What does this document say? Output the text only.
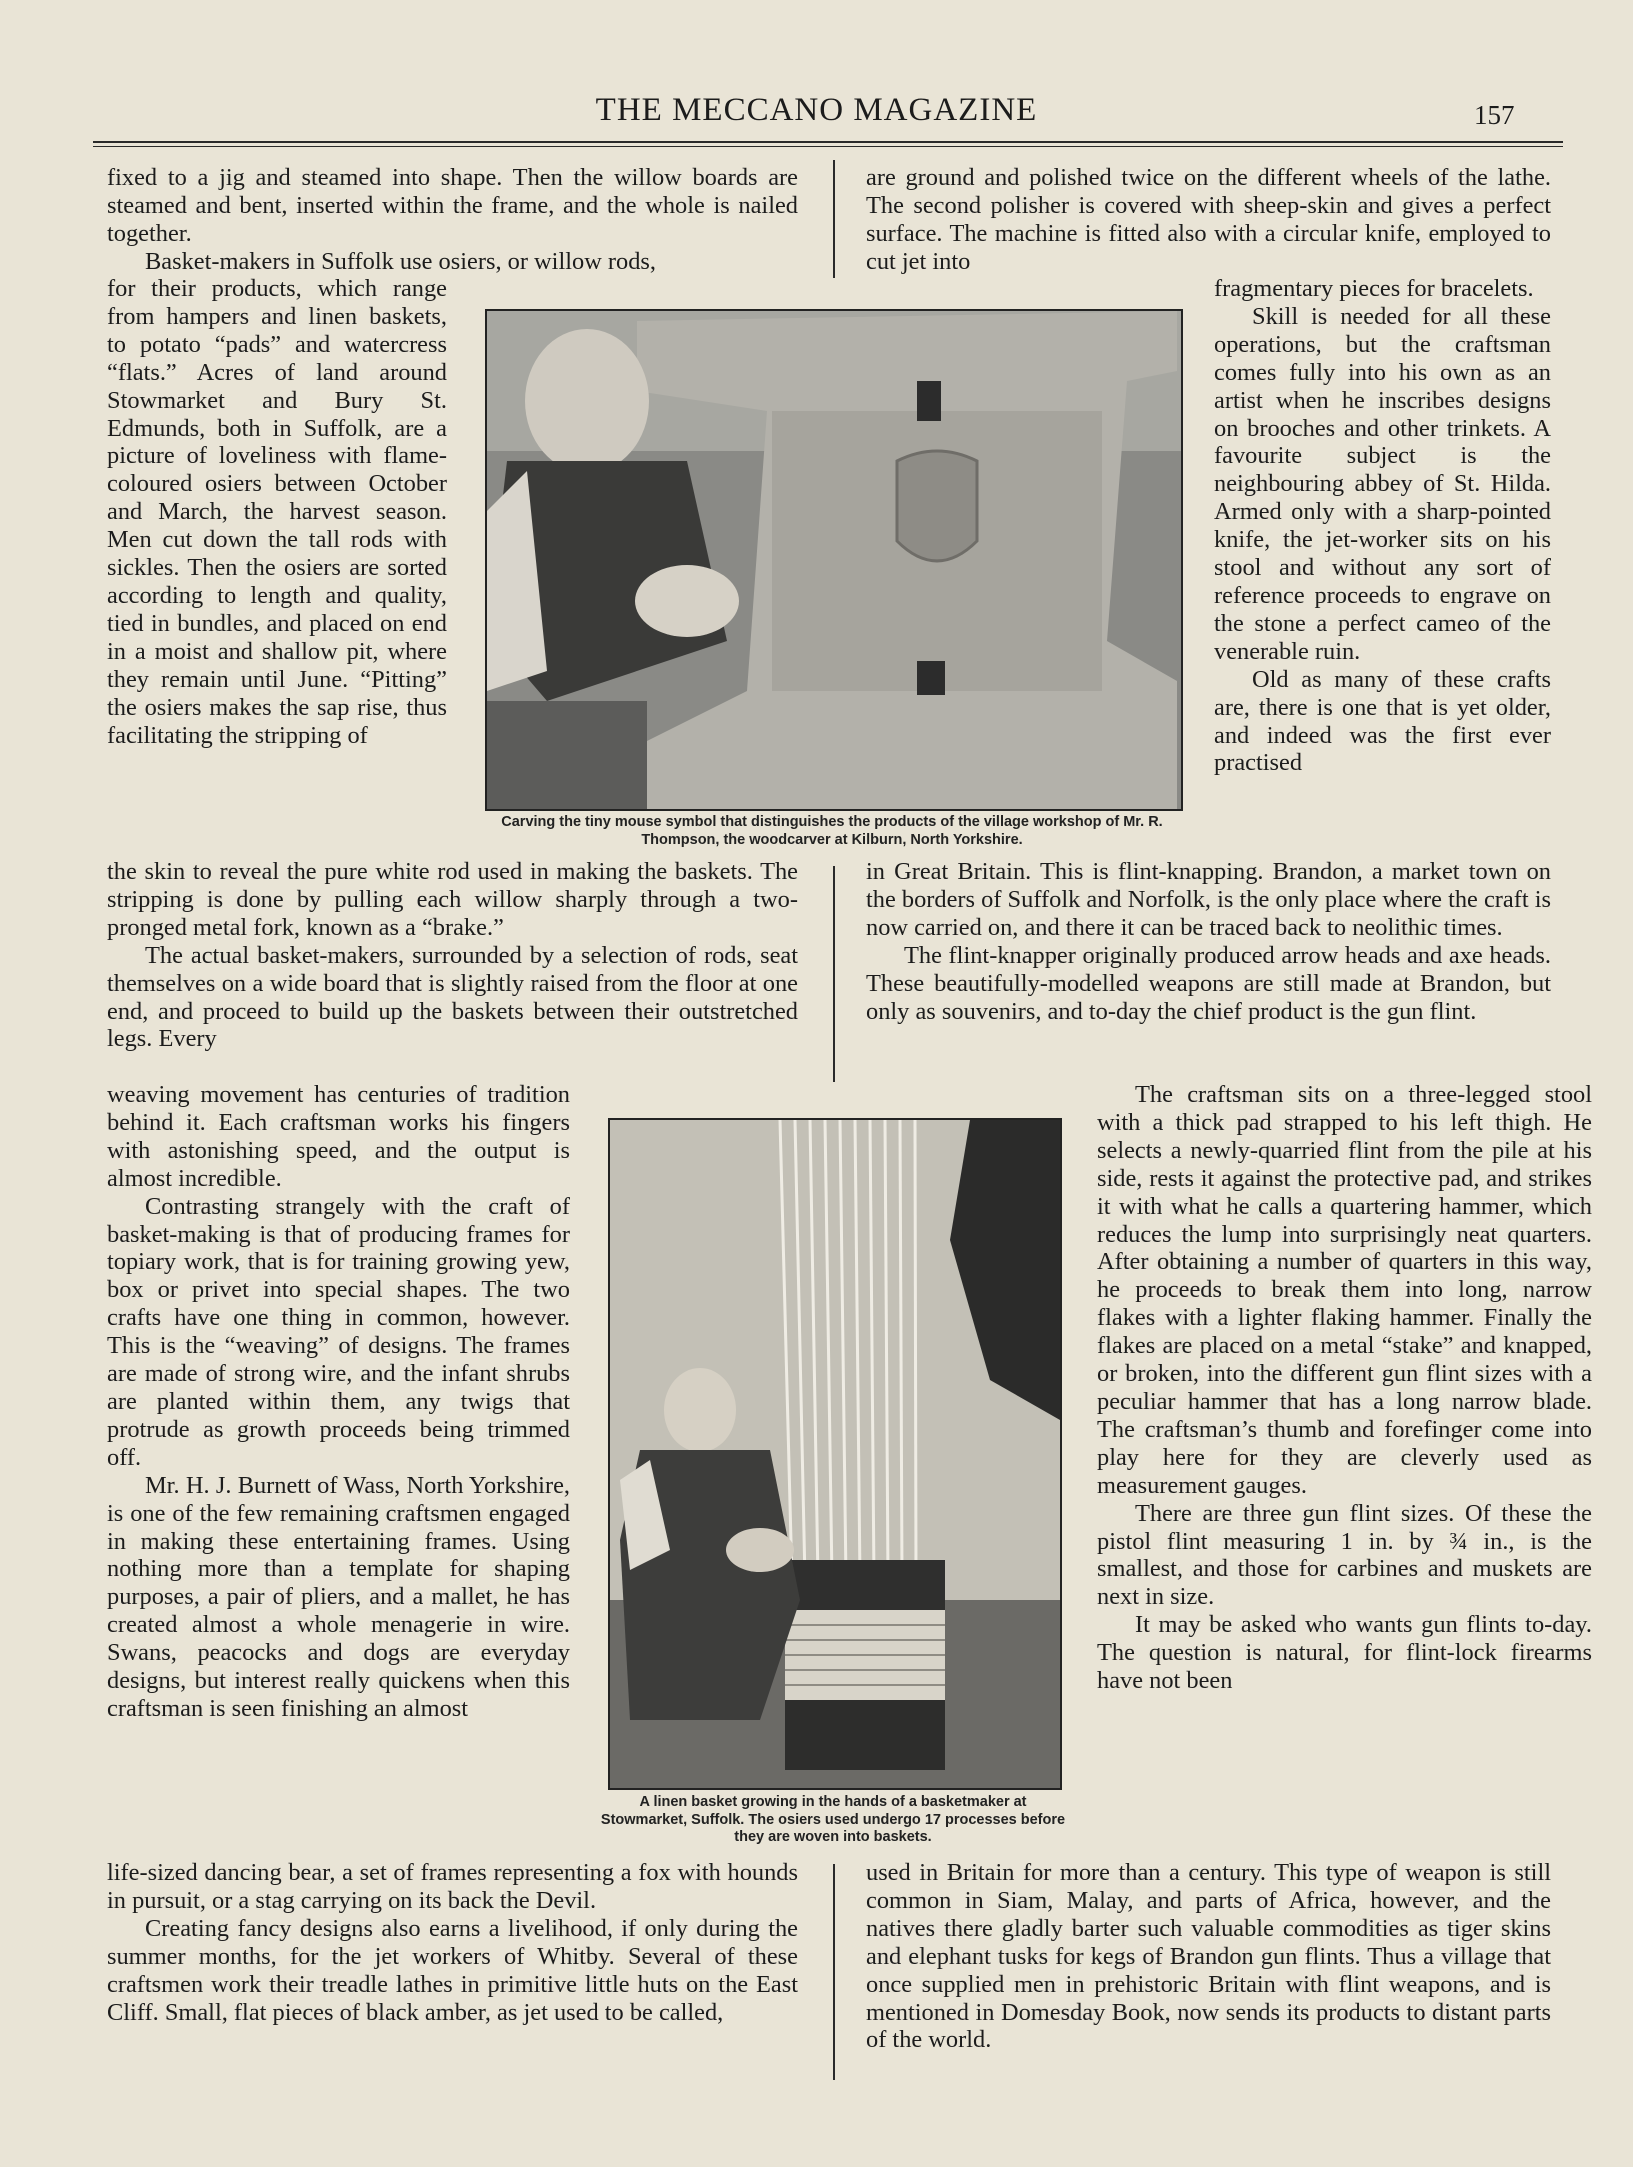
THE MECCANO MAGAZINE	157

fixed to a jig and steamed into shape. Then the willow boards are steamed and bent, inserted within the frame, and the whole is nailed together.

Basket-makers in Suffolk use osiers, or willow rods,

for their products, which range from hampers and linen baskets, to potato “pads” and watercress “flats.” Acres of land around Stowmarket and Bury St. Edmunds, both in Suffolk, are a picture of loveliness with flame-coloured osiers between October and March, the harvest season. Men cut down the tall rods with sickles. Then the osiers are sorted according to length and quality, tied in bundles, and placed on end in a moist and shallow pit, where they remain until June. “Pitting” the osiers makes the sap rise, thus facilitating the stripping of

the skin to reveal the pure white rod used in making the baskets. The stripping is done by pulling each willow sharply through a two-pronged metal fork, known as a “brake.”

The actual basket-makers, surrounded by a selection of rods, seat themselves on a wide board that is slightly raised from the floor at one end, and proceed to build up the baskets between their outstretched legs. Every

weaving movement has centuries of tradition behind it. Each craftsman works his fingers with astonishing speed, and the output is almost incredible.

Contrasting strangely with the craft of basket-making is that of producing frames for topiary work, that is for training growing yew, box or privet into special shapes. The two crafts have one thing in common, however. This is the “weaving” of designs. The frames are made of strong wire, and the infant shrubs are planted within them, any twigs that protrude as growth proceeds being trimmed off.

Mr. H. J. Burnett of Wass, North Yorkshire, is one of the few remaining craftsmen engaged in making these entertaining frames. Using nothing more than a template for shaping purposes, a pair of pliers, and a mallet, he has created almost a whole menagerie in wire. Swans, peacocks and dogs are everyday designs, but interest really quickens when this craftsman is seen finishing an almost

life-sized dancing bear, a set of frames representing a fox with hounds in pursuit, or a stag carrying on its back the Devil.

Creating fancy designs also earns a livelihood, if only during the summer months, for the jet workers of Whitby. Several of these craftsmen work their treadle lathes in primitive little huts on the East Cliff. Small, flat pieces of black amber, as jet used to be called,

are ground and polished twice on the different wheels of the lathe. The second polisher is covered with sheep-skin and gives a perfect surface. The machine is fitted also with a circular knife, employed to cut jet into

fragmentary pieces for bracelets.

Skill is needed for all these operations, but the craftsman comes fully into his own as an artist when he inscribes designs on brooches and other trinkets. A favourite subject is the neighbouring abbey of St. Hilda. Armed only with a sharp-pointed knife, the jet-worker sits on his stool and without any sort of reference proceeds to engrave on the stone a perfect cameo of the venerable ruin.

Old as many of these crafts are, there is one that is yet older, and indeed was the first ever practised

in Great Britain. This is flint-knapping. Brandon, a market town on the borders of Suffolk and Norfolk, is the only place where the craft is now carried on, and there it can be traced back to neolithic times.

The flint-knapper originally produced arrow heads and axe heads. These beautifully-modelled weapons are still made at Brandon, but only as souvenirs, and to-day the chief product is the gun flint.

The craftsman sits on a three-legged stool with a thick pad strapped to his left thigh. He selects a newly-quarried flint from the pile at his side, rests it against the protective pad, and strikes it with what he calls a quartering hammer, which reduces the lump into surprisingly neat quarters. After obtaining a number of quarters in this way, he proceeds to break them into long, narrow flakes with a lighter flaking hammer. Finally the flakes are placed on a metal “stake” and knapped, or broken, into the different gun flint sizes with a peculiar hammer that has a long narrow blade. The craftsman’s thumb and forefinger come into play here for they are cleverly used as measurement gauges.

There are three gun flint sizes. Of these the pistol flint measuring 1 in. by ¾ in., is the smallest, and those for carbines and muskets are next in size.

It may be asked who wants gun flints to-day. The question is natural, for flint-lock firearms have not been

used in Britain for more than a century. This type of weapon is still common in Siam, Malay, and parts of Africa, however, and the natives there gladly barter such valuable commodities as tiger skins and elephant tusks for kegs of Brandon gun flints. Thus a village that once supplied men in prehistoric Britain with flint weapons, and is mentioned in Domesday Book, now sends its products to distant parts of the world.

Carving the tiny mouse symbol that distinguishes the products of the village workshop of Mr. R. Thompson, the woodcarver at Kilburn, North Yorkshire.
A linen basket growing in the hands of a basketmaker at Stowmarket, Suffolk. The osiers used undergo 17 processes before they are woven into baskets.
